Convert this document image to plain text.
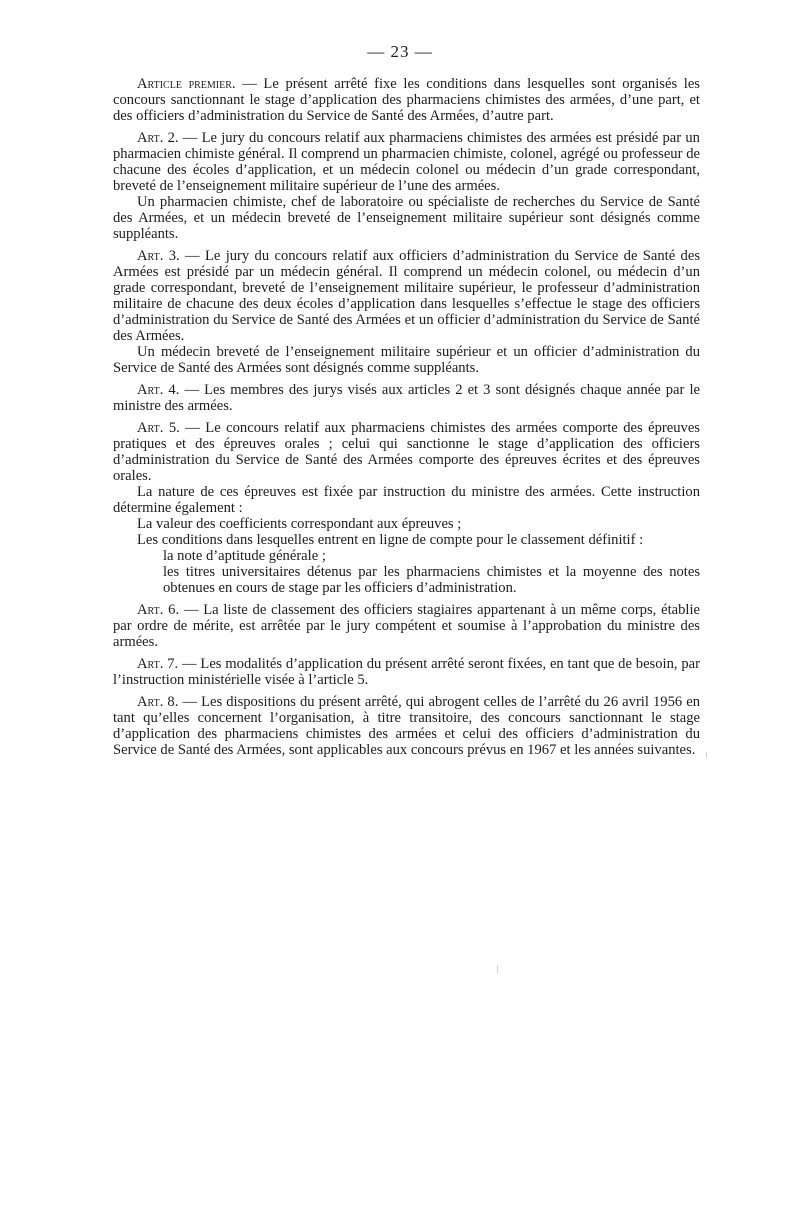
— 23 —

Article premier. — Le présent arrêté fixe les conditions dans lesquelles sont organisés les concours sanctionnant le stage d’application des pharmaciens chimistes des armées, d’une part, et des officiers d’administration du Service de Santé des Armées, d’autre part.

Art. 2. — Le jury du concours relatif aux pharmaciens chimistes des armées est présidé par un pharmacien chimiste général. Il comprend un pharmacien chimiste, colonel, agrégé ou professeur de chacune des écoles d’application, et un médecin colonel ou médecin d’un grade correspondant, breveté de l’enseignement militaire supérieur de l’une des armées.

Un pharmacien chimiste, chef de laboratoire ou spécialiste de recherches du Service de Santé des Armées, et un médecin breveté de l’enseignement militaire supérieur sont désignés comme suppléants.

Art. 3. — Le jury du concours relatif aux officiers d’administration du Service de Santé des Armées est présidé par un médecin général. Il comprend un médecin colonel, ou médecin d’un grade correspondant, breveté de l’enseignement militaire supérieur, le professeur d’administration militaire de chacune des deux écoles d’application dans lesquelles s’effectue le stage des officiers d’administration du Service de Santé des Armées et un officier d’administration du Service de Santé des Armées.

Un médecin breveté de l’enseignement militaire supérieur et un officier d’administration du Service de Santé des Armées sont désignés comme suppléants.

Art. 4. — Les membres des jurys visés aux articles 2 et 3 sont désignés chaque année par le ministre des armées.

Art. 5. — Le concours relatif aux pharmaciens chimistes des armées comporte des épreuves pratiques et des épreuves orales ; celui qui sanctionne le stage d’application des officiers d’administration du Service de Santé des Armées comporte des épreuves écrites et des épreuves orales.

La nature de ces épreuves est fixée par instruction du ministre des armées. Cette instruction détermine également :

La valeur des coefficients correspondant aux épreuves ;

Les conditions dans lesquelles entrent en ligne de compte pour le classement définitif :

la note d’aptitude générale ;

les titres universitaires détenus par les pharmaciens chimistes et la moyenne des notes obtenues en cours de stage par les officiers d’administration.

Art. 6. — La liste de classement des officiers stagiaires appartenant à un même corps, établie par ordre de mérite, est arrêtée par le jury compétent et soumise à l’approbation du ministre des armées.

Art. 7. — Les modalités d’application du présent arrêté seront fixées, en tant que de besoin, par l’instruction ministérielle visée à l’article 5.

Art. 8. — Les dispositions du présent arrêté, qui abrogent celles de l’arrêté du 26 avril 1956 en tant qu’elles concernent l’organisation, à titre transitoire, des concours sanctionnant le stage d’application des pharmaciens chimistes des armées et celui des officiers d’administration du Service de Santé des Armées, sont applicables aux concours prévus en 1967 et les années suivantes.
